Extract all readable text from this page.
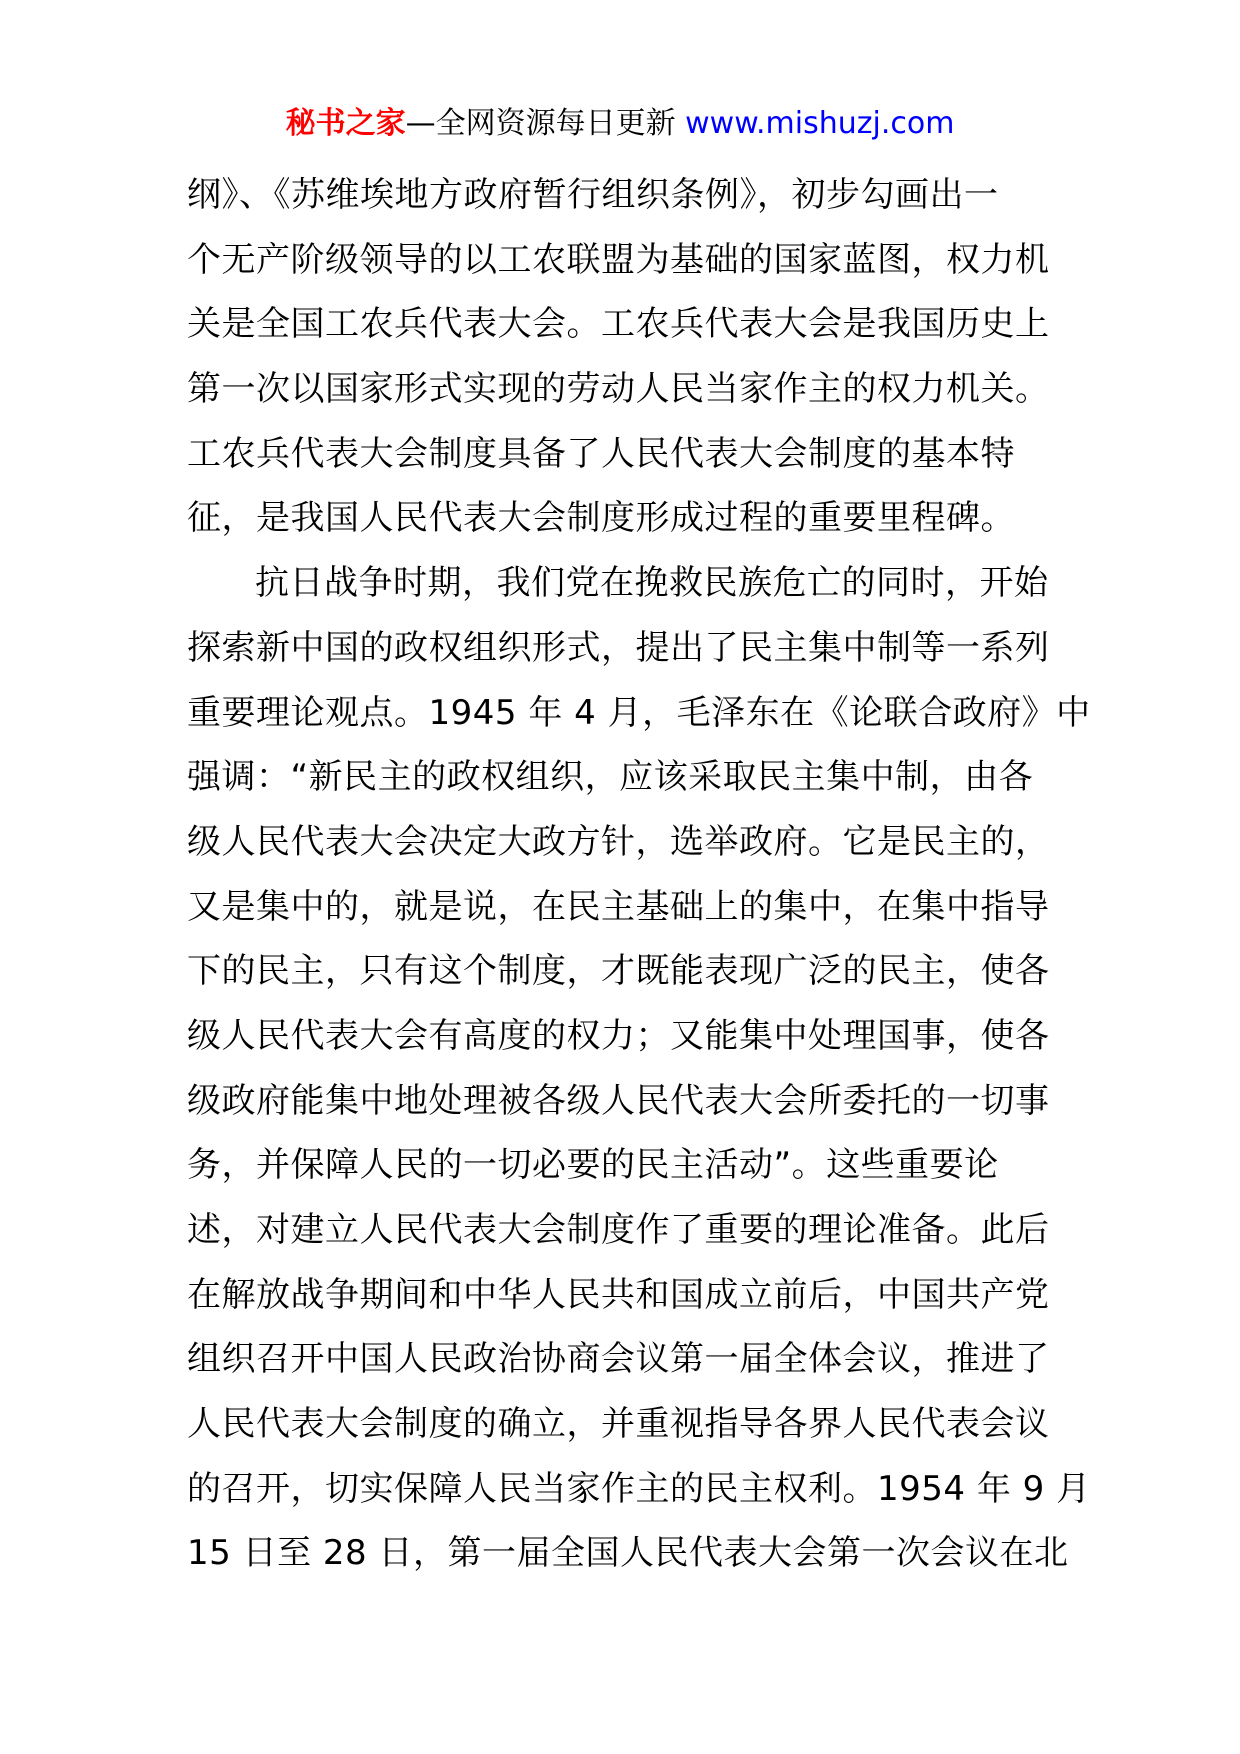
秘书之家—全网资源每日更新 www.mishuzj.com
纲》、《苏维埃地方政府暂行组织条例》，初步勾画出一
个无产阶级领导的以工农联盟为基础的国家蓝图，权力机
关是全国工农兵代表大会。工农兵代表大会是我国历史上
第一次以国家形式实现的劳动人民当家作主的权力机关。
工农兵代表大会制度具备了人民代表大会制度的基本特
征，是我国人民代表大会制度形成过程的重要里程碑。
抗日战争时期，我们党在挽救民族危亡的同时，开始
探索新中国的政权组织形式，提出了民主集中制等一系列
重要理论观点。1945 年 4 月，毛泽东在《论联合政府》中
强调：“新民主的政权组织，应该采取民主集中制，由各
级人民代表大会决定大政方针，选举政府。它是民主的，
又是集中的，就是说，在民主基础上的集中，在集中指导
下的民主，只有这个制度，才既能表现广泛的民主，使各
级人民代表大会有高度的权力；又能集中处理国事，使各
级政府能集中地处理被各级人民代表大会所委托的一切事
务，并保障人民的一切必要的民主活动”。这些重要论
述，对建立人民代表大会制度作了重要的理论准备。此后
在解放战争期间和中华人民共和国成立前后，中国共产党
组织召开中国人民政治协商会议第一届全体会议，推进了
人民代表大会制度的确立，并重视指导各界人民代表会议
的召开，切实保障人民当家作主的民主权利。1954 年 9 月
15 日至 28 日，第一届全国人民代表大会第一次会议在北
